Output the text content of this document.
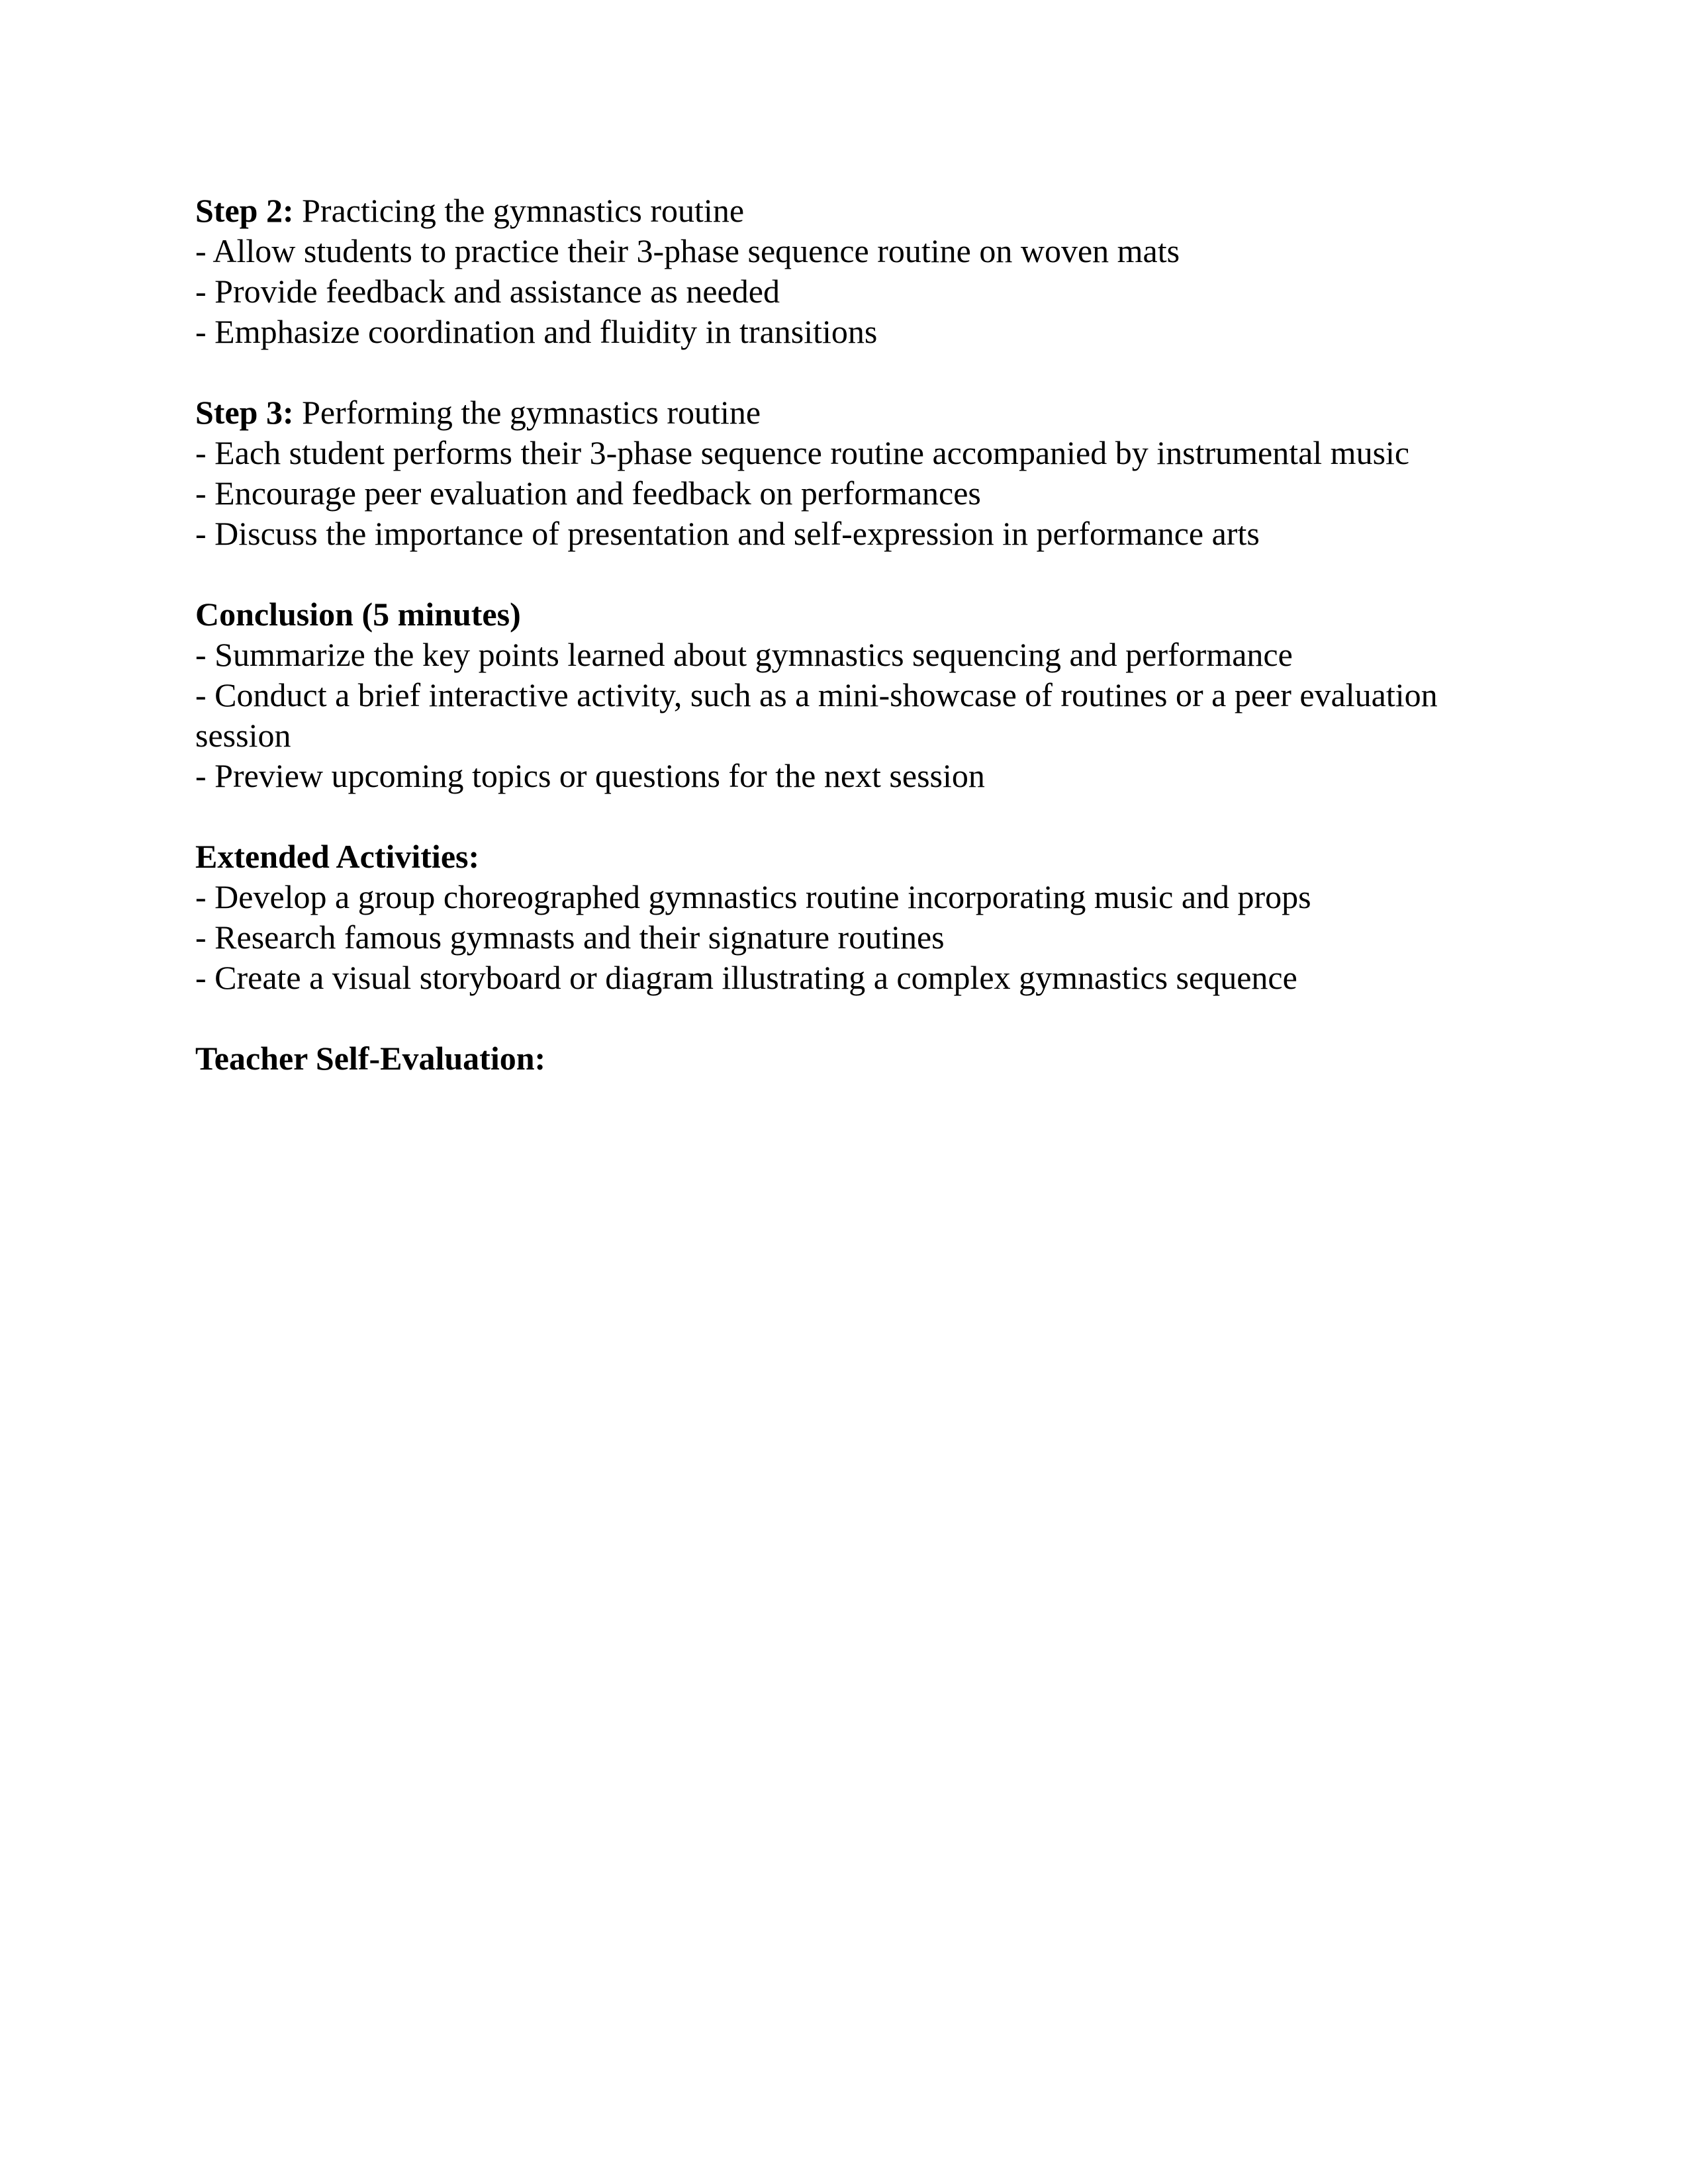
Step 2: Practicing the gymnastics routine

- Allow students to practice their 3-phase sequence routine on woven mats

- Provide feedback and assistance as needed

- Emphasize coordination and fluidity in transitions

Step 3: Performing the gymnastics routine

- Each student performs their 3-phase sequence routine accompanied by instrumental music

- Encourage peer evaluation and feedback on performances

- Discuss the importance of presentation and self-expression in performance arts

Conclusion (5 minutes)

- Summarize the key points learned about gymnastics sequencing and performance

- Conduct a brief interactive activity, such as a mini-showcase of routines or a peer evaluation session

- Preview upcoming topics or questions for the next session

Extended Activities:

- Develop a group choreographed gymnastics routine incorporating music and props

- Research famous gymnasts and their signature routines

- Create a visual storyboard or diagram illustrating a complex gymnastics sequence

Teacher Self-Evaluation:
